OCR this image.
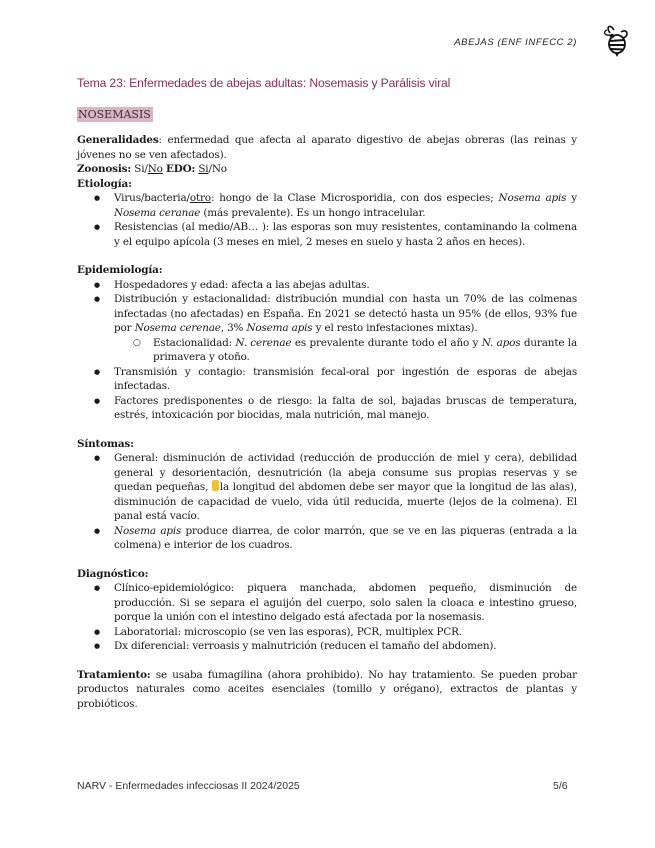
ABEJAS (ENF INFECC 2)
Tema 23: Enfermedades de abejas adultas: Nosemasis y Parálisis viral
NOSEMASIS

Generalidades: enfermedad que afecta al aparato digestivo de abejas obreras (las reinas y jóvenes no se ven afectados).

Zoonosis: Si/No EDO: Si/No

Etiología:

● Virus/bacteria/otro: hongo de la Clase Microsporidia, con dos especies; Nosema apis y Nosema ceranae (más prevalente). Es un hongo intracelular.
● Resistencias (al medio/AB… ): las esporas son muy resistentes, contaminando la colmena y el equipo apícola (3 meses en miel, 2 meses en suelo y hasta 2 años en heces).

Epidemiología:

● Hospedadores y edad: afecta a las abejas adultas.
● Distribución y estacionalidad: distribución mundial con hasta un 70% de las colmenas infectadas (no afectadas) en España. En 2021 se detectó hasta un 95% (de ellos, 93% fue por Nosema cerenae, 3% Nosema apis y el resto infestaciones mixtas).
○ Estacionalidad: N. cerenae es prevalente durante todo el año y N. apos durante la primavera y otoño.
● Transmisión y contagio: transmisión fecal-oral por ingestión de esporas de abejas infectadas.
● Factores predisponentes o de riesgo: la falta de sol, bajadas bruscas de temperatura, estrés, intoxicación por biocidas, mala nutrición, mal manejo.

Síntomas:

● General: disminución de actividad (reducción de producción de miel y cera), debilidad general y desorientación, desnutrición (la abeja consume sus propias reservas y se quedan pequeñas, la longitud del abdomen debe ser mayor que la longitud de las alas), disminución de capacidad de vuelo, vida útil reducida, muerte (lejos de la colmena). El panal está vacío.
● Nosema apis produce diarrea, de color marrón, que se ve en las piqueras (entrada a la colmena) e interior de los cuadros.

Diagnóstico:

● Clínico-epidemiológico: piquera manchada, abdomen pequeño, disminución de producción. Si se separa el aguijón del cuerpo, solo salen la cloaca e intestino grueso, porque la unión con el intestino delgado está afectada por la nosemasis.
● Laboratorial: microscopio (se ven las esporas), PCR, multiplex PCR.
● Dx diferencial: verroasis y malnutrición (reducen el tamaño del abdomen).

Tratamiento: se usaba fumagilina (ahora prohibido). No hay tratamiento. Se pueden probar productos naturales como aceites esenciales (tomillo y orégano), extractos de plantas y probióticos.

NARV - Enfermedades infecciosas II 2024/2025	5/6
